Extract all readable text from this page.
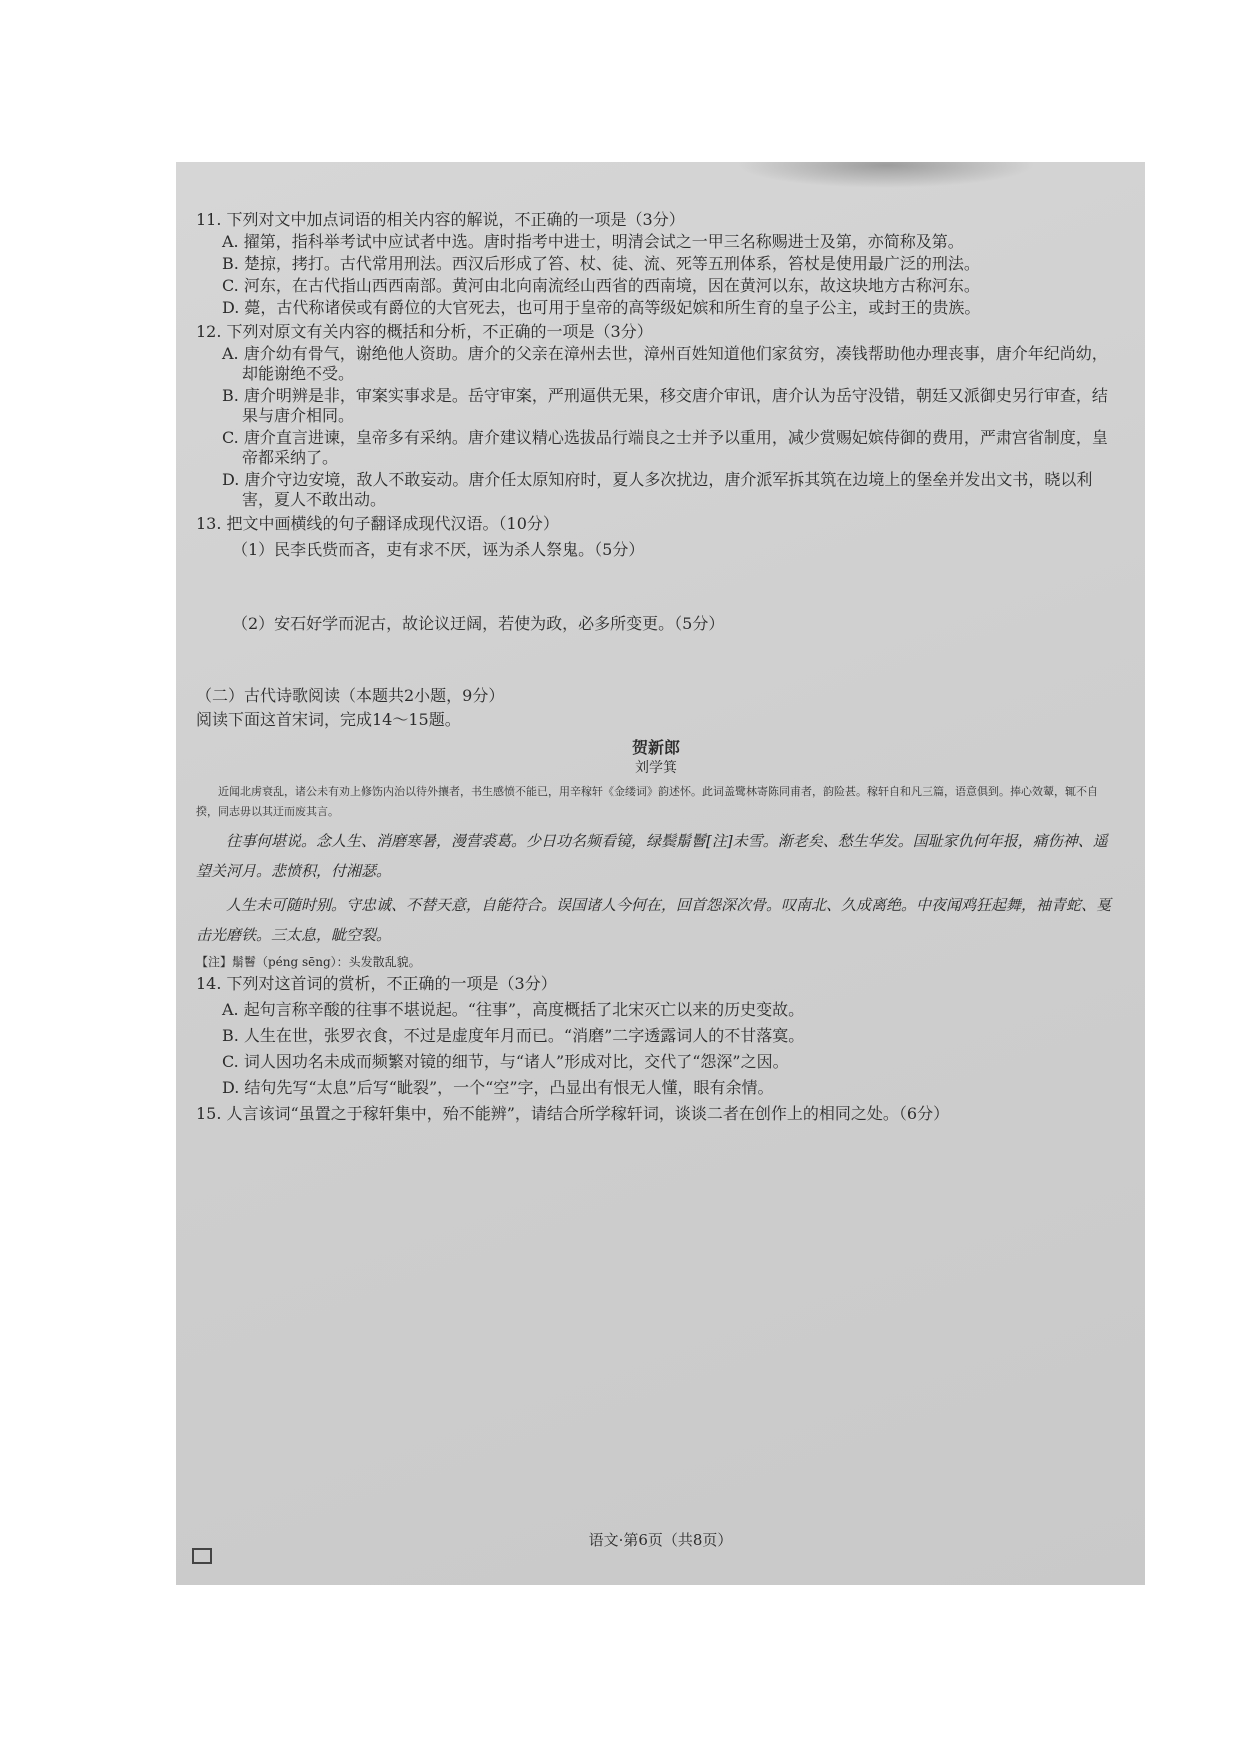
11. 下列对文中加点词语的相关内容的解说，不正确的一项是（3分）

A. 擢第，指科举考试中应试者中选。唐时指考中进士，明清会试之一甲三名称赐进士及第，亦简称及第。

B. 楚掠，拷打。古代常用刑法。西汉后形成了笞、杖、徒、流、死等五刑体系，笞杖是使用最广泛的刑法。

C. 河东，在古代指山西西南部。黄河由北向南流经山西省的西南境，因在黄河以东，故这块地方古称河东。

D. 薨，古代称诸侯或有爵位的大官死去，也可用于皇帝的高等级妃嫔和所生育的皇子公主，或封王的贵族。

12. 下列对原文有关内容的概括和分析，不正确的一项是（3分）

A. 唐介幼有骨气，谢绝他人资助。唐介的父亲在漳州去世，漳州百姓知道他们家贫穷，凑钱帮助他办理丧事，唐介年纪尚幼，却能谢绝不受。

B. 唐介明辨是非，审案实事求是。岳守审案，严刑逼供无果，移交唐介审讯，唐介认为岳守没错，朝廷又派御史另行审查，结果与唐介相同。

C. 唐介直言进谏，皇帝多有采纳。唐介建议精心选拔品行端良之士并予以重用，减少赏赐妃嫔侍御的费用，严肃宫省制度，皇帝都采纳了。

D. 唐介守边安境，敌人不敢妄动。唐介任太原知府时，夏人多次扰边，唐介派军拆其筑在边境上的堡垒并发出文书，晓以利害，夏人不敢出动。

13. 把文中画横线的句子翻译成现代汉语。（10分）

（1）民李氏赀而吝，吏有求不厌，诬为杀人祭鬼。（5分）

（2）安石好学而泥古，故论议迂阔，若使为政，必多所变更。（5分）

（二）古代诗歌阅读（本题共2小题，9分）

阅读下面这首宋词，完成14～15题。

贺新郎

刘学箕

近闻北虏衰乱，诸公未有劝上修饬内治以待外攘者，书生感愤不能已，用辛稼轩《金缕词》韵述怀。此词盖鹭林寄陈同甫者，韵险甚。稼轩自和凡三篇，语意俱到。捧心效颦，辄不自揆，同志毋以其迂而废其言。

往事何堪说。念人生、消磨寒暑，漫营裘葛。少日功名频看镜，绿鬓鬅鬙[注]未雪。渐老矣、愁生华发。国耻家仇何年报，痛伤神、遥望关河月。悲愤积，付湘瑟。

人生未可随时别。守忠诚、不替天意，自能符合。误国诸人今何在，回首怨深次骨。叹南北、久成离绝。中夜闻鸡狂起舞，袖青蛇、戛击光磨铁。三太息，眦空裂。

【注】鬅鬙（péng sēng）：头发散乱貌。

14. 下列对这首词的赏析，不正确的一项是（3分）

A. 起句言称辛酸的往事不堪说起。“往事”，高度概括了北宋灭亡以来的历史变故。

B. 人生在世，张罗衣食，不过是虚度年月而已。“消磨”二字透露词人的不甘落寞。

C. 词人因功名未成而频繁对镜的细节，与“诸人”形成对比，交代了“怨深”之因。

D. 结句先写“太息”后写“眦裂”，一个“空”字，凸显出有恨无人懂，眼有余情。

15. 人言该词“虽置之于稼轩集中，殆不能辨”，请结合所学稼轩词，谈谈二者在创作上的相同之处。（6分）

语文·第6页（共8页）
